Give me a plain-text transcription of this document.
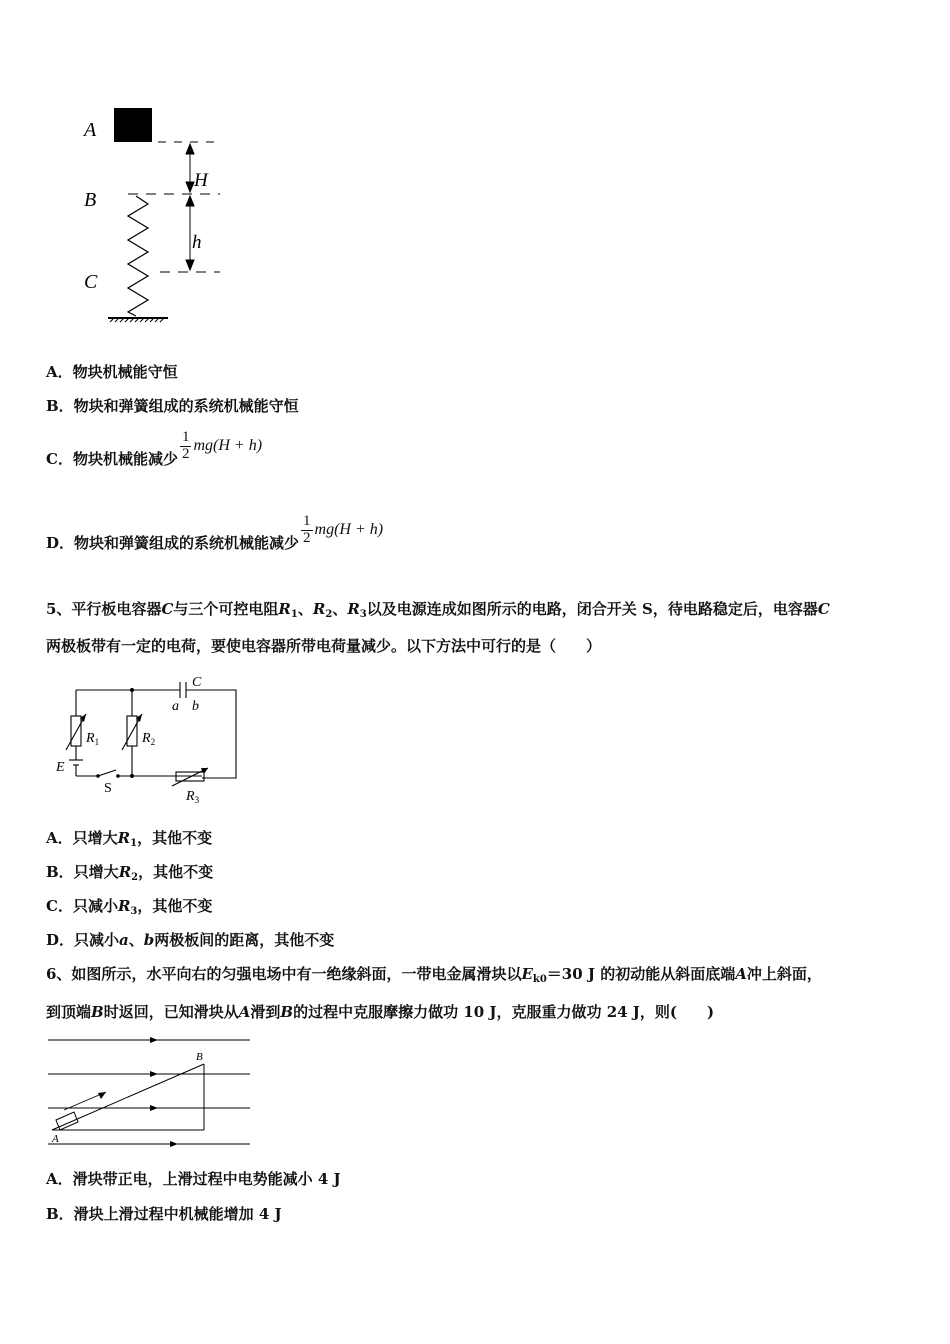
A
B
C
H
h
A．物块机械能守恒
B．物块和弹簧组成的系统机械能守恒
C．物块机械能减少 $\frac{1}{2} mg(H + h)$
D．物块和弹簧组成的系统机械能减少 $\frac{1}{2} mg(H + h)$
5、平行板电容器C与三个可控电阻$R_1$、$R_2$、$R_3$以及电源连成如图所示的电路，闭合开关 S，待电路稳定后，电容器C
两极板带有一定的电荷，要使电容器所带电荷量减少。以下方法中可行的是（　　）
C
a b
$R_1$	$R_2$
E
S
$R_3$
A．只增大$R_1$，其他不变
B．只增大$R_2$，其他不变
C．只减小$R_3$，其他不变
D．只减小a、b两极板间的距离，其他不变
6、如图所示，水平向右的匀强电场中有一绝缘斜面，一带电金属滑块以$E_{k0}=30$ J 的初动能从斜面底端A冲上斜面，
到顶端B时返回，已知滑块从A滑到B的过程中克服摩擦力做功 10 J，克服重力做功 24 J，则(　　)
A
B
A．滑块带正电，上滑过程中电势能减小 4 J
B．滑块上滑过程中机械能增加 4 J
